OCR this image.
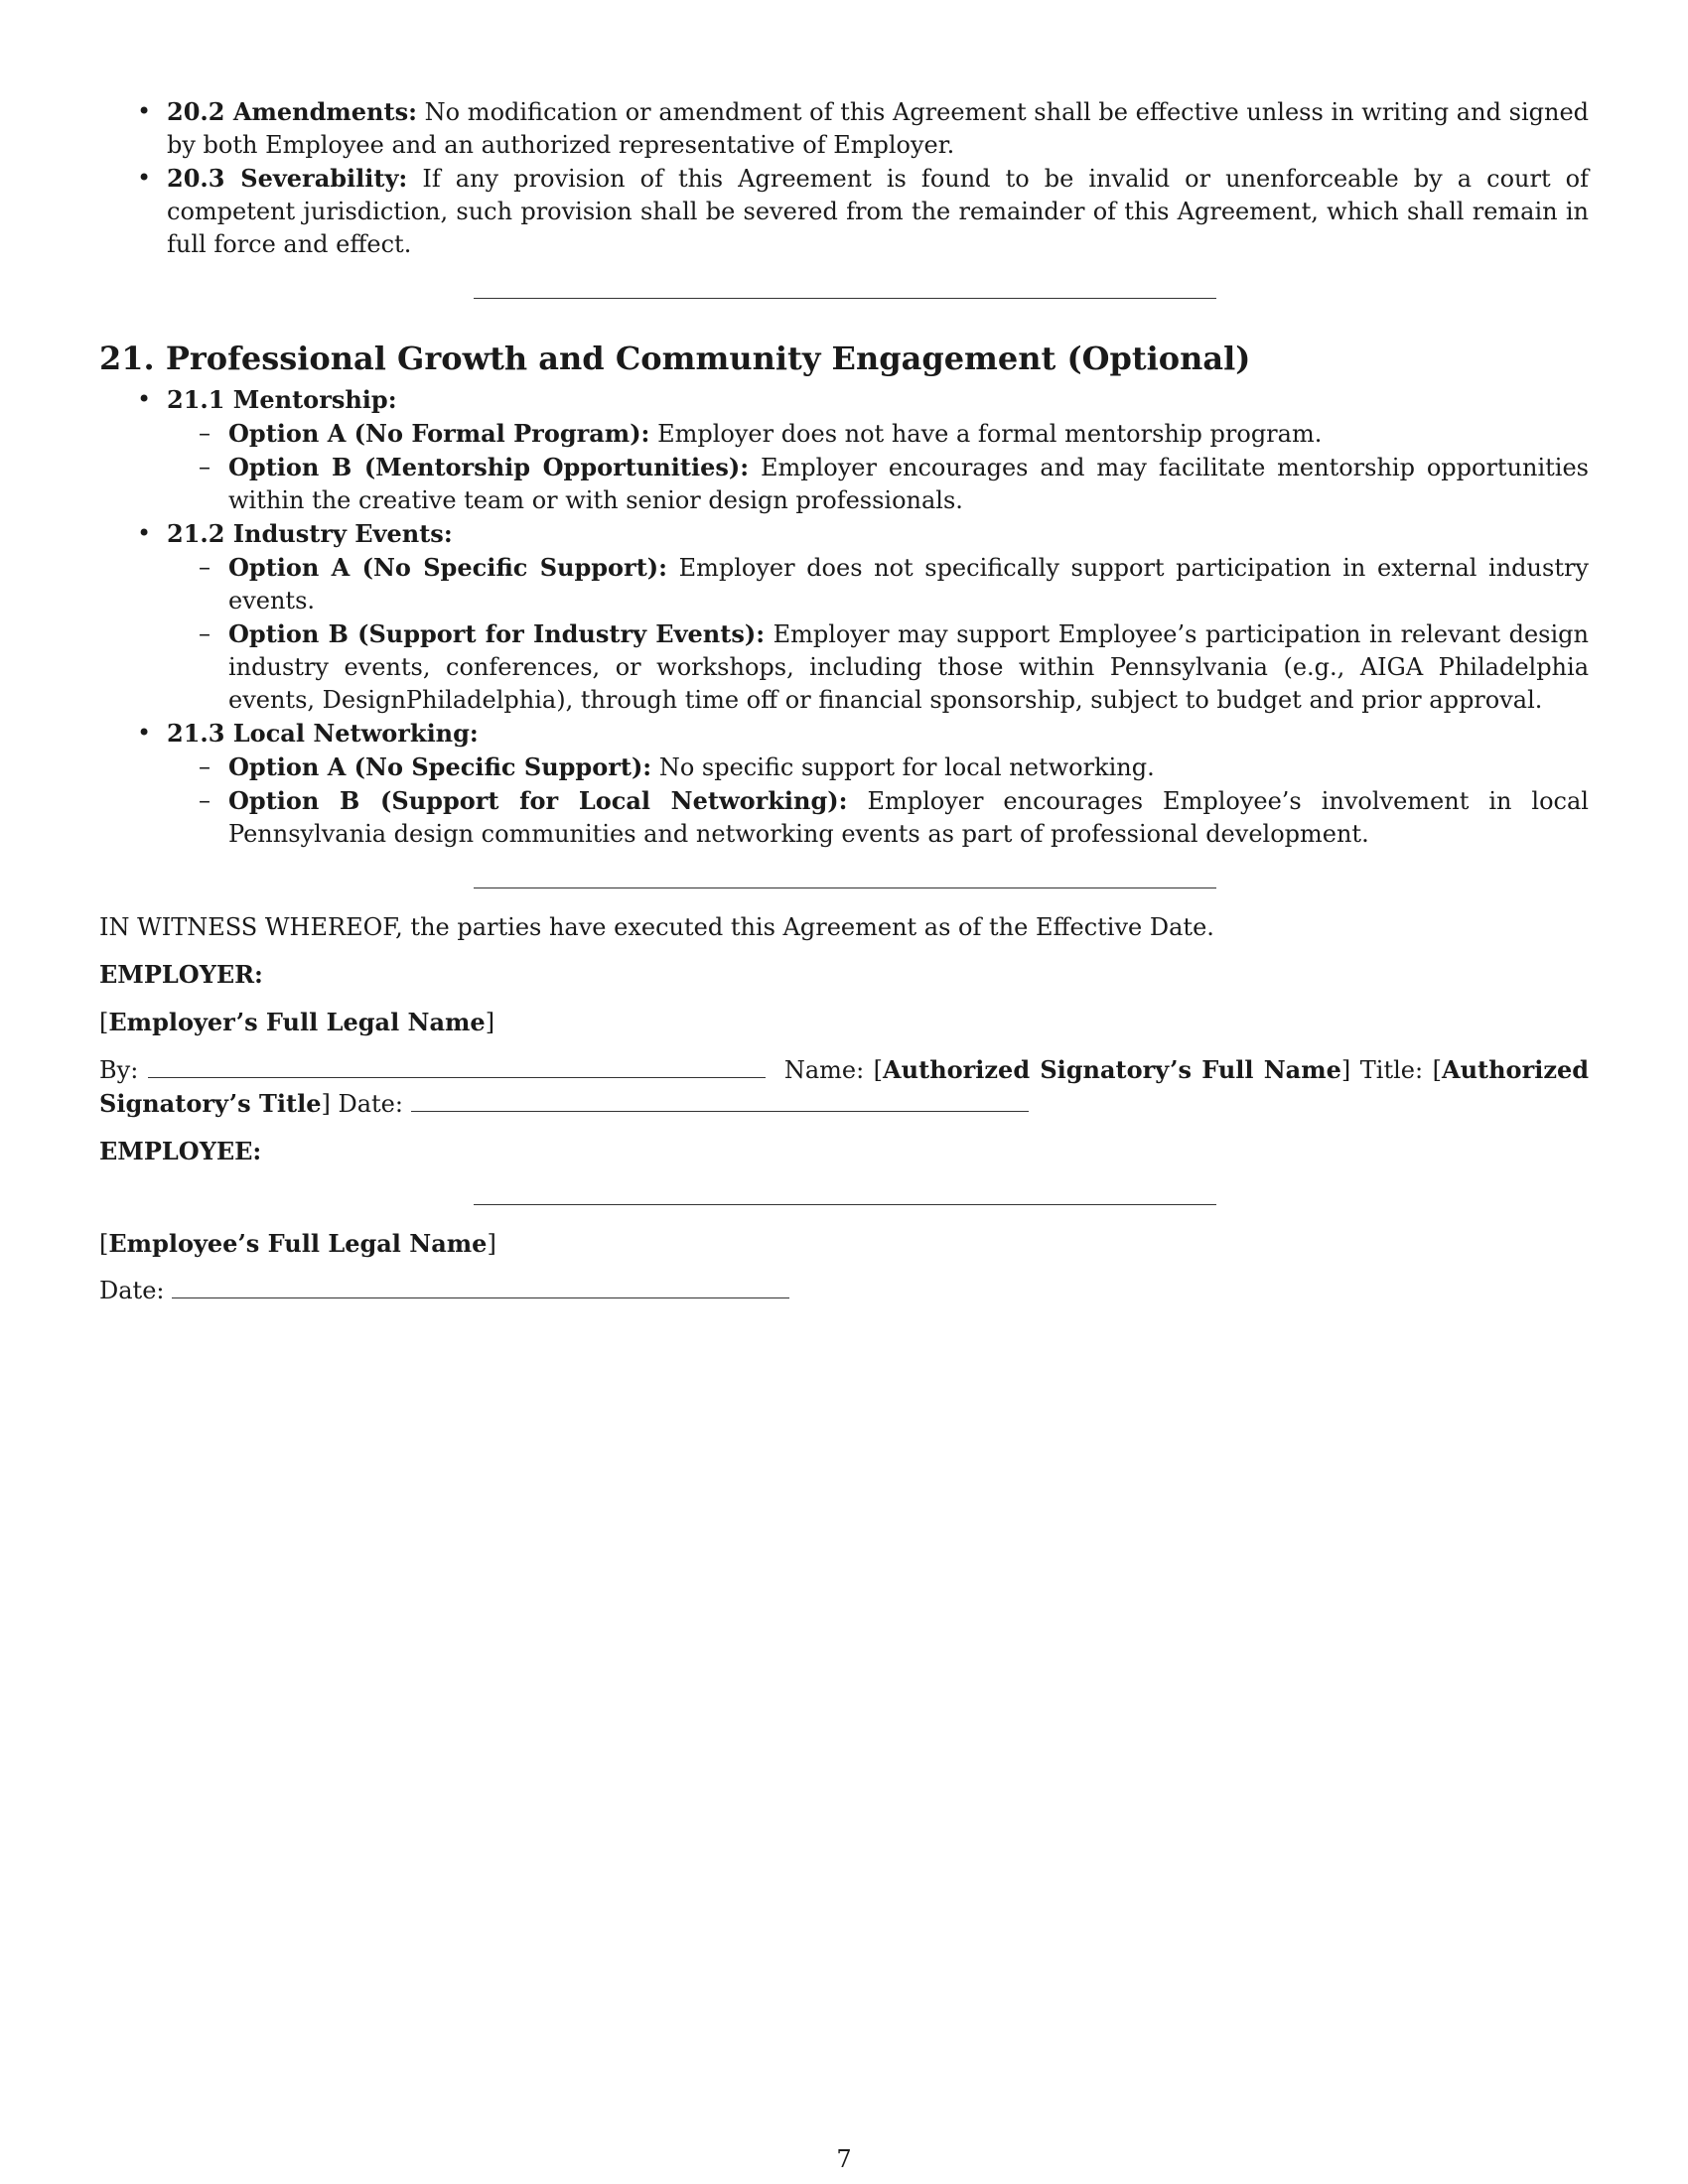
• 20.2 Amendments: No modification or amendment of this Agreement shall be effective unless in writing and signed by both Employee and an authorized representative of Employer.
• 20.3 Severability: If any provision of this Agreement is found to be invalid or unenforceable by a court of competent jurisdiction, such provision shall be severed from the remainder of this Agreement, which shall remain in full force and effect.
21. Professional Growth and Community Engagement (Optional)
• 21.1 Mentorship:
– Option A (No Formal Program): Employer does not have a formal mentorship program.
– Option B (Mentorship Opportunities): Employer encourages and may facilitate mentorship opportunities within the creative team or with senior design professionals.
• 21.2 Industry Events:
– Option A (No Specific Support): Employer does not specifically support participation in external industry events.
– Option B (Support for Industry Events): Employer may support Employee’s participation in relevant design industry events, conferences, or workshops, including those within Pennsylvania (e.g., AIGA Philadelphia events, DesignPhiladelphia), through time off or financial sponsorship, subject to budget and prior approval.
• 21.3 Local Networking:
– Option A (No Specific Support): No specific support for local networking.
– Option B (Support for Local Networking): Employer encourages Employee’s involvement in local Pennsylvania design communities and networking events as part of professional development.

IN WITNESS WHEREOF, the parties have executed this Agreement as of the Effective Date.

EMPLOYER:

[Employer’s Full Legal Name]

By:	Name: [Authorized Signatory’s Full Name] Title: [Authorized Signatory’s Title] Date:

EMPLOYEE:

[Employee’s Full Legal Name]

Date:

7
